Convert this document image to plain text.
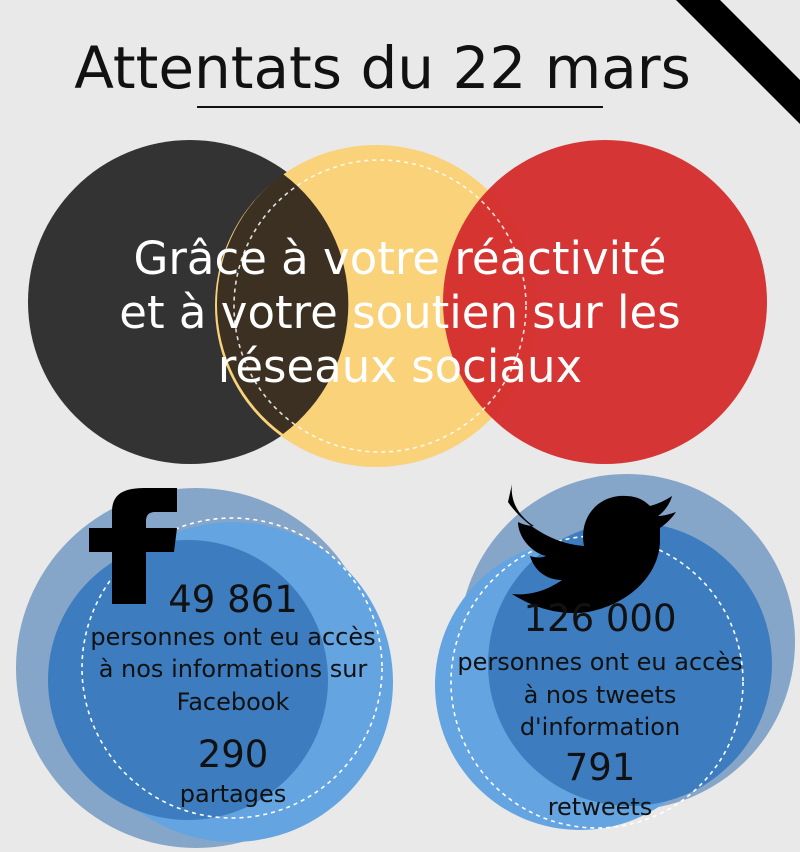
Attentats du 22 mars
Grâce à votre réactivité
et à votre soutien sur les
réseaux sociaux
49 861
personnes ont eu accès
à nos informations sur
Facebook
290
partages
126 000
personnes ont eu accès
à nos tweets
d'information
791
retweets
